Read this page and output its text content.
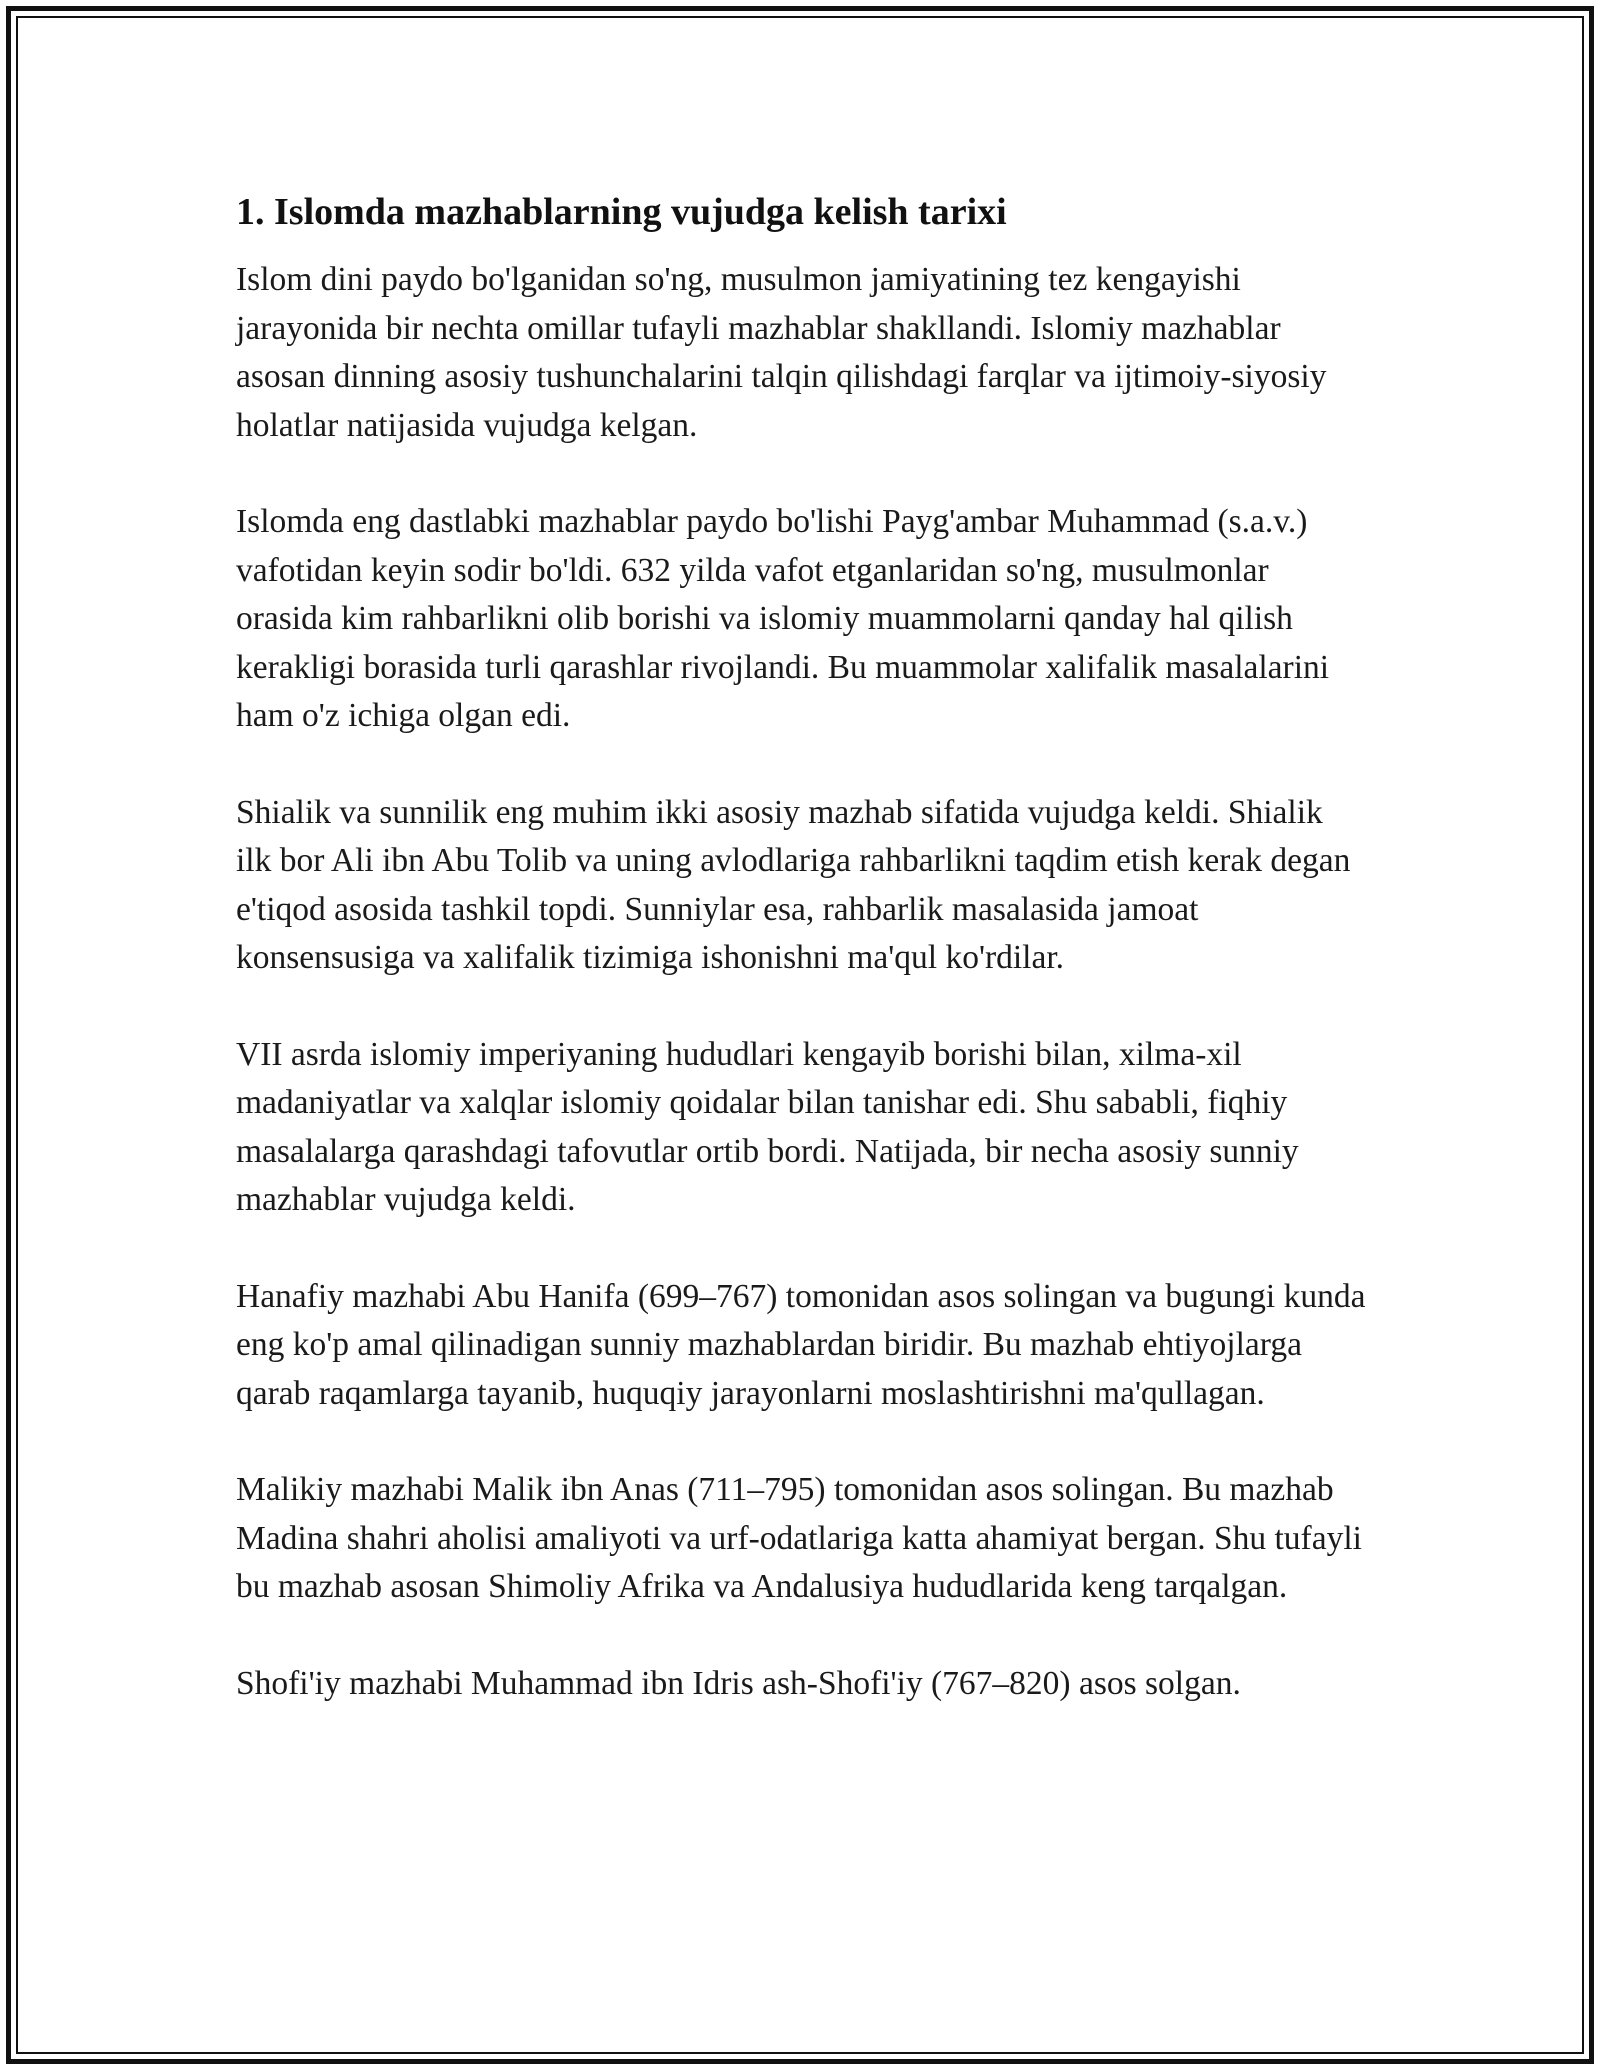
1. Islomda mazhablarning vujudga kelish tarixi

Islom dini paydo bo'lganidan so'ng, musulmon jamiyatining tez kengayishi jarayonida bir nechta omillar tufayli mazhablar shakllandi. Islomiy mazhablar asosan dinning asosiy tushunchalarini talqin qilishdagi farqlar va ijtimoiy-siyosiy holatlar natijasida vujudga kelgan.

Islomda eng dastlabki mazhablar paydo bo'lishi Payg'ambar Muhammad (s.a.v.) vafotidan keyin sodir bo'ldi. 632 yilda vafot etganlaridan so'ng, musulmonlar orasida kim rahbarlikni olib borishi va islomiy muammolarni qanday hal qilish kerakligi borasida turli qarashlar rivojlandi. Bu muammolar xalifalik masalalarini ham o'z ichiga olgan edi.

Shialik va sunnilik eng muhim ikki asosiy mazhab sifatida vujudga keldi. Shialik ilk bor Ali ibn Abu Tolib va uning avlodlariga rahbarlikni taqdim etish kerak degan e'tiqod asosida tashkil topdi. Sunniylar esa, rahbarlik masalasida jamoat konsensusiga va xalifalik tizimiga ishonishni ma'qul ko'rdilar.

VII asrda islomiy imperiyaning hududlari kengayib borishi bilan, xilma-xil madaniyatlar va xalqlar islomiy qoidalar bilan tanishar edi. Shu sababli, fiqhiy masalalarga qarashdagi tafovutlar ortib bordi. Natijada, bir necha asosiy sunniy mazhablar vujudga keldi.

Hanafiy mazhabi Abu Hanifa (699–767) tomonidan asos solingan va bugungi kunda eng ko'p amal qilinadigan sunniy mazhablardan biridir. Bu mazhab ehtiyojlarga qarab raqamlarga tayanib, huquqiy jarayonlarni moslashtirishni ma'qullagan.

Malikiy mazhabi Malik ibn Anas (711–795) tomonidan asos solingan. Bu mazhab Madina shahri aholisi amaliyoti va urf-odatlariga katta ahamiyat bergan. Shu tufayli bu mazhab asosan Shimoliy Afrika va Andalusiya hududlarida keng tarqalgan.

Shofi'iy mazhabi Muhammad ibn Idris ash-Shofi'iy (767–820) asos solgan.
